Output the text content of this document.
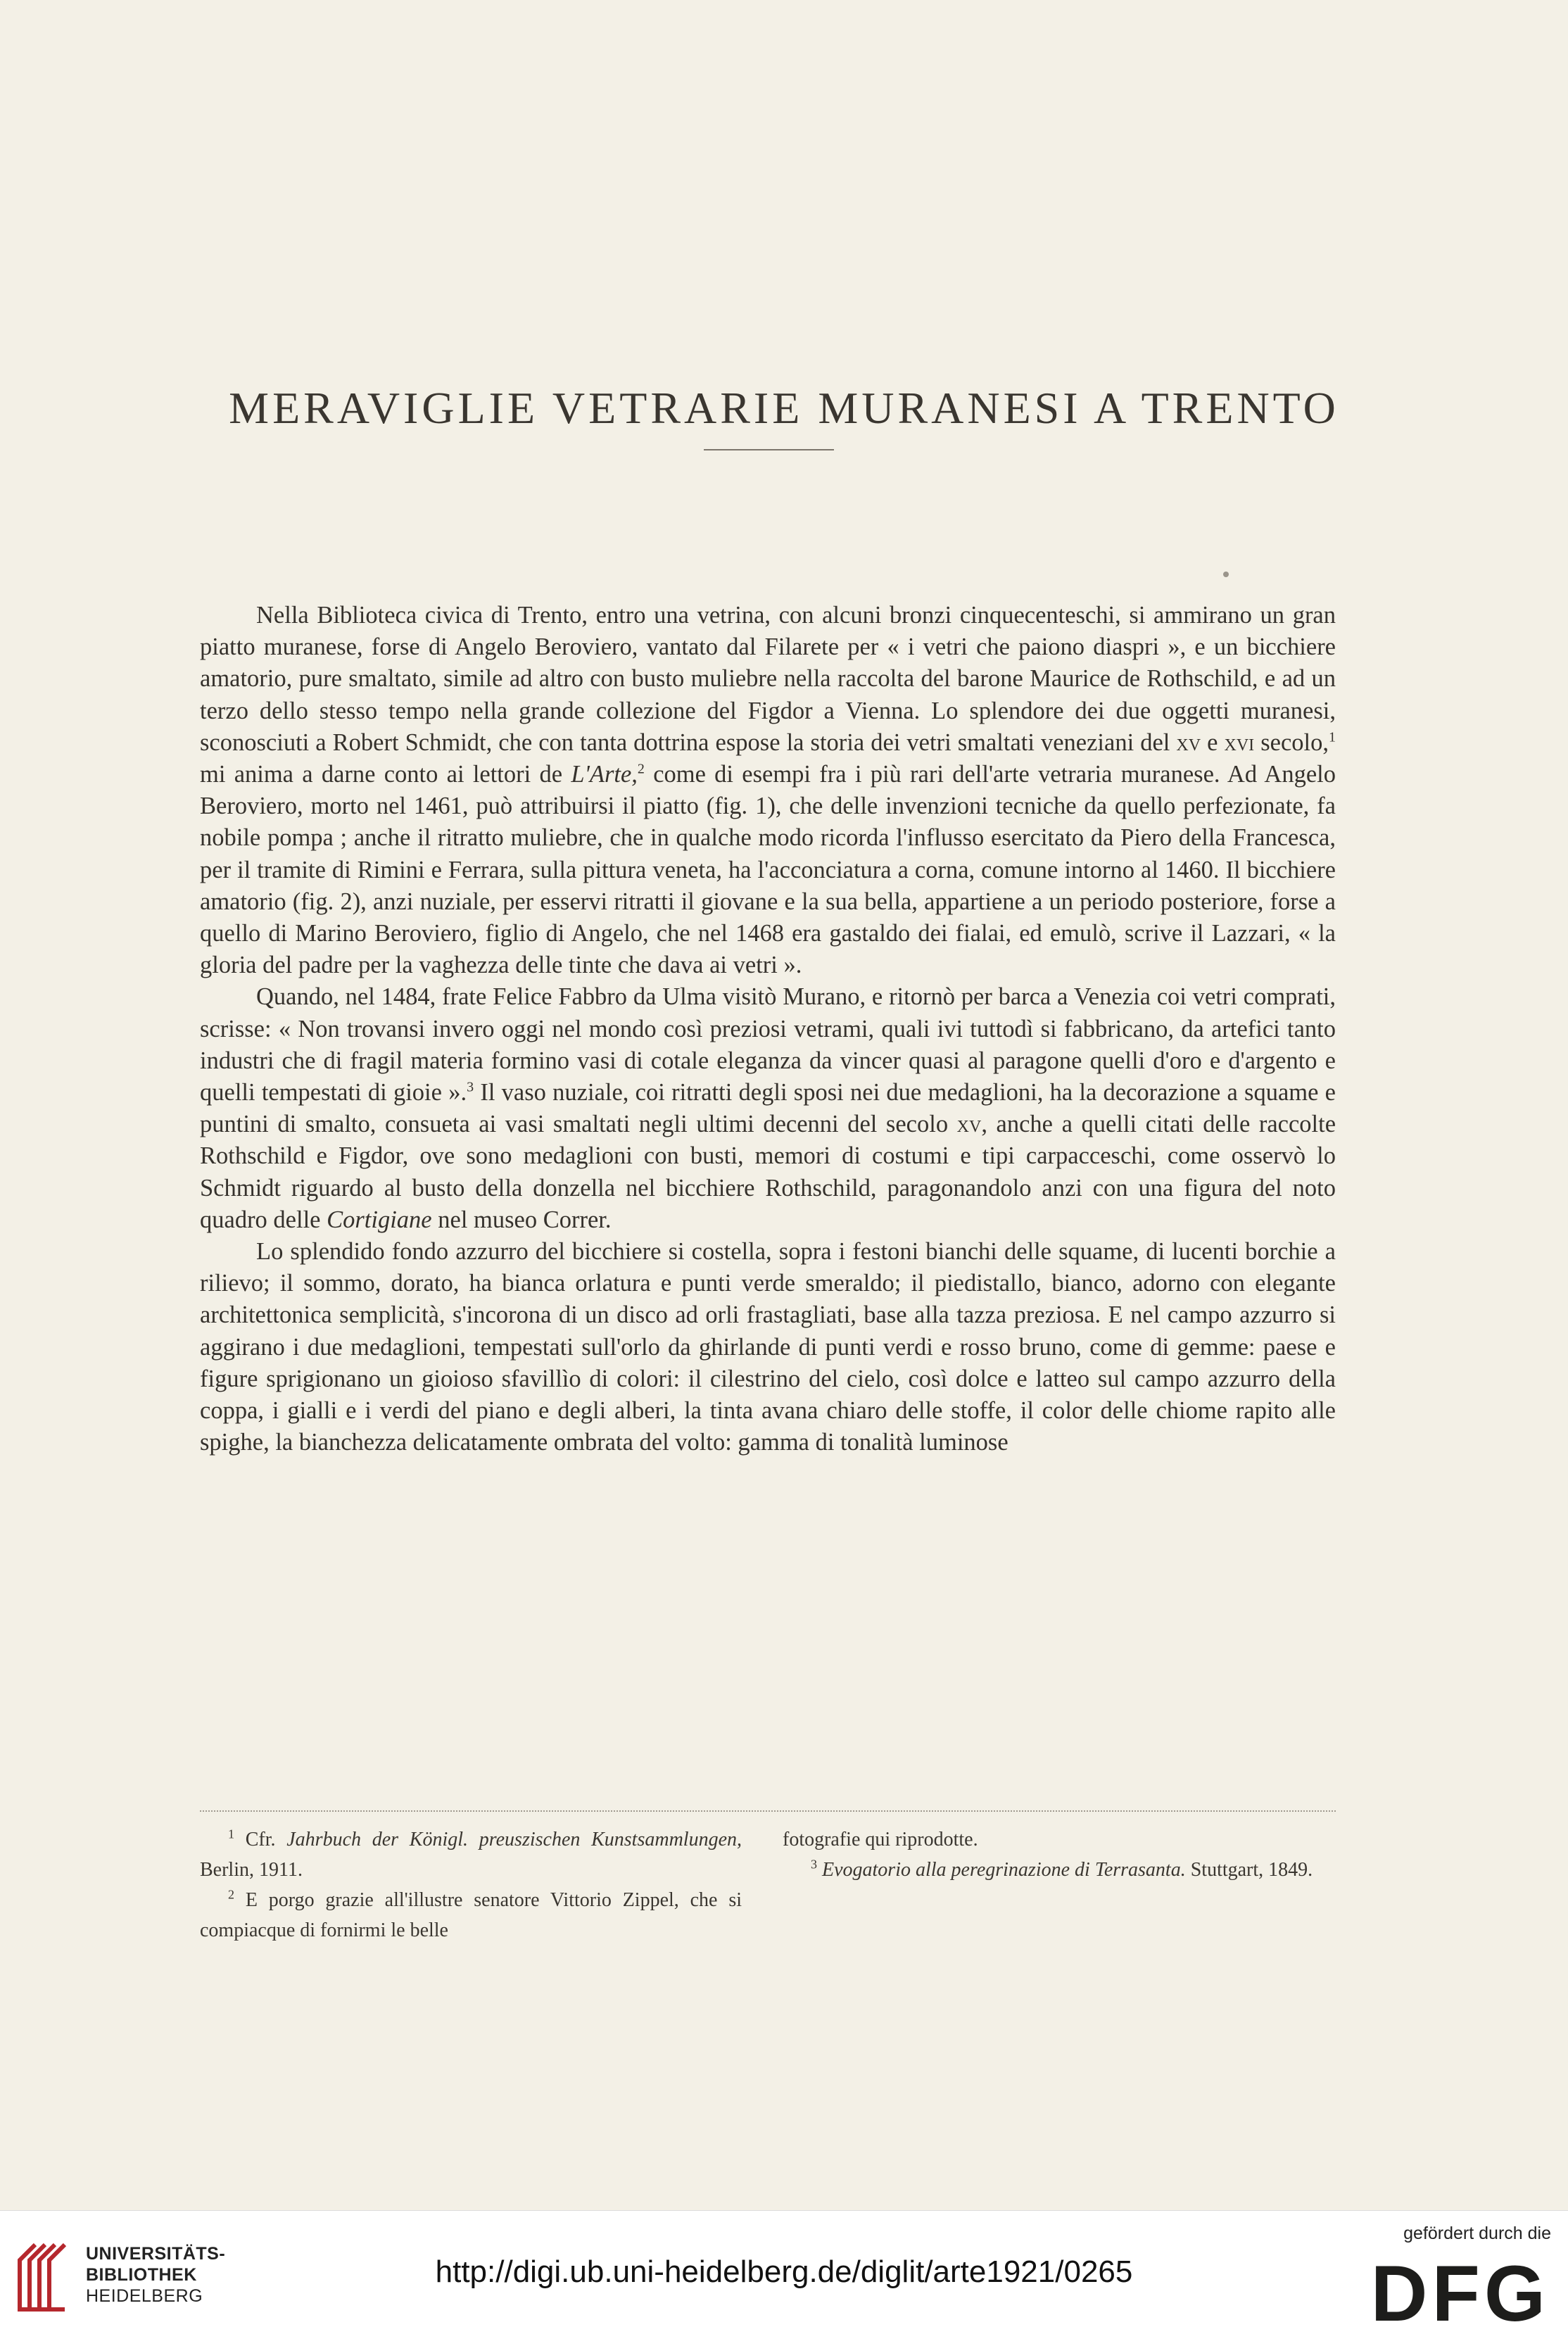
MERAVIGLIE VETRARIE MURANESI A TRENTO

Nella Biblioteca civica di Trento, entro una vetrina, con alcuni bronzi cinquecenteschi, si ammirano un gran piatto muranese, forse di Angelo Beroviero, vantato dal Filarete per « i vetri che paiono diaspri », e un bicchiere amatorio, pure smaltato, simile ad altro con busto muliebre nella raccolta del barone Maurice de Rothschild, e ad un terzo dello stesso tempo nella grande collezione del Figdor a Vienna. Lo splendore dei due oggetti muranesi, sconosciuti a Robert Schmidt, che con tanta dottrina espose la storia dei vetri smaltati veneziani del xv e xvi secolo,$^1$ mi anima a darne conto ai lettori de L'Arte,$^2$ come di esempi fra i più rari dell'arte vetraria muranese. Ad Angelo Beroviero, morto nel 1461, può attribuirsi il piatto (fig. 1), che delle invenzioni tecniche da quello perfezionate, fa nobile pompa ; anche il ritratto muliebre, che in qualche modo ricorda l'influsso esercitato da Piero della Francesca, per il tramite di Rimini e Ferrara, sulla pittura veneta, ha l'acconciatura a corna, comune intorno al 1460. Il bicchiere amatorio (fig. 2), anzi nuziale, per esservi ritratti il giovane e la sua bella, appartiene a un periodo posteriore, forse a quello di Marino Beroviero, figlio di Angelo, che nel 1468 era gastaldo dei fialai, ed emulò, scrive il Lazzari, « la gloria del padre per la vaghezza delle tinte che dava ai vetri ».

Quando, nel 1484, frate Felice Fabbro da Ulma visitò Murano, e ritornò per barca a Venezia coi vetri comprati, scrisse: « Non trovansi invero oggi nel mondo così preziosi vetrami, quali ivi tuttodì si fabbricano, da artefici tanto industri che di fragil materia formino vasi di cotale eleganza da vincer quasi al paragone quelli d'oro e d'argento e quelli tempestati di gioie ».$^3$ Il vaso nuziale, coi ritratti degli sposi nei due medaglioni, ha la decorazione a squame e puntini di smalto, consueta ai vasi smaltati negli ultimi decenni del secolo xv, anche a quelli citati delle raccolte Rothschild e Figdor, ove sono medaglioni con busti, memori di costumi e tipi carpacceschi, come osservò lo Schmidt riguardo al busto della donzella nel bicchiere Rothschild, paragonandolo anzi con una figura del noto quadro delle Cortigiane nel museo Correr.

Lo splendido fondo azzurro del bicchiere si costella, sopra i festoni bianchi delle squame, di lucenti borchie a rilievo; il sommo, dorato, ha bianca orlatura e punti verde smeraldo; il piedistallo, bianco, adorno con elegante architettonica semplicità, s'incorona di un disco ad orli frastagliati, base alla tazza preziosa. E nel campo azzurro si aggirano i due medaglioni, tempestati sull'orlo da ghirlande di punti verdi e rosso bruno, come di gemme: paese e figure sprigionano un gioioso sfavillìo di colori: il cilestrino del cielo, così dolce e latteo sul campo azzurro della coppa, i gialli e i verdi del piano e degli alberi, la tinta avana chiaro delle stoffe, il color delle chiome rapito alle spighe, la bianchezza delicatamente ombrata del volto: gamma di tonalità luminose

$^1$ Cfr. Jahrbuch der Königl. preuszischen Kunstsammlungen, Berlin, 1911.

$^2$ E porgo grazie all'illustre senatore Vittorio Zippel, che si compiacque di fornirmi le belle

fotografie qui riprodotte.

$^3$ Evogatorio alla peregrinazione di Terrasanta. Stuttgart, 1849.

UNIVERSITÄTS-
BIBLIOTHEK
HEIDELBERG
http://digi.ub.uni-heidelberg.de/diglit/arte1921/0265
gefördert durch die
DFG
